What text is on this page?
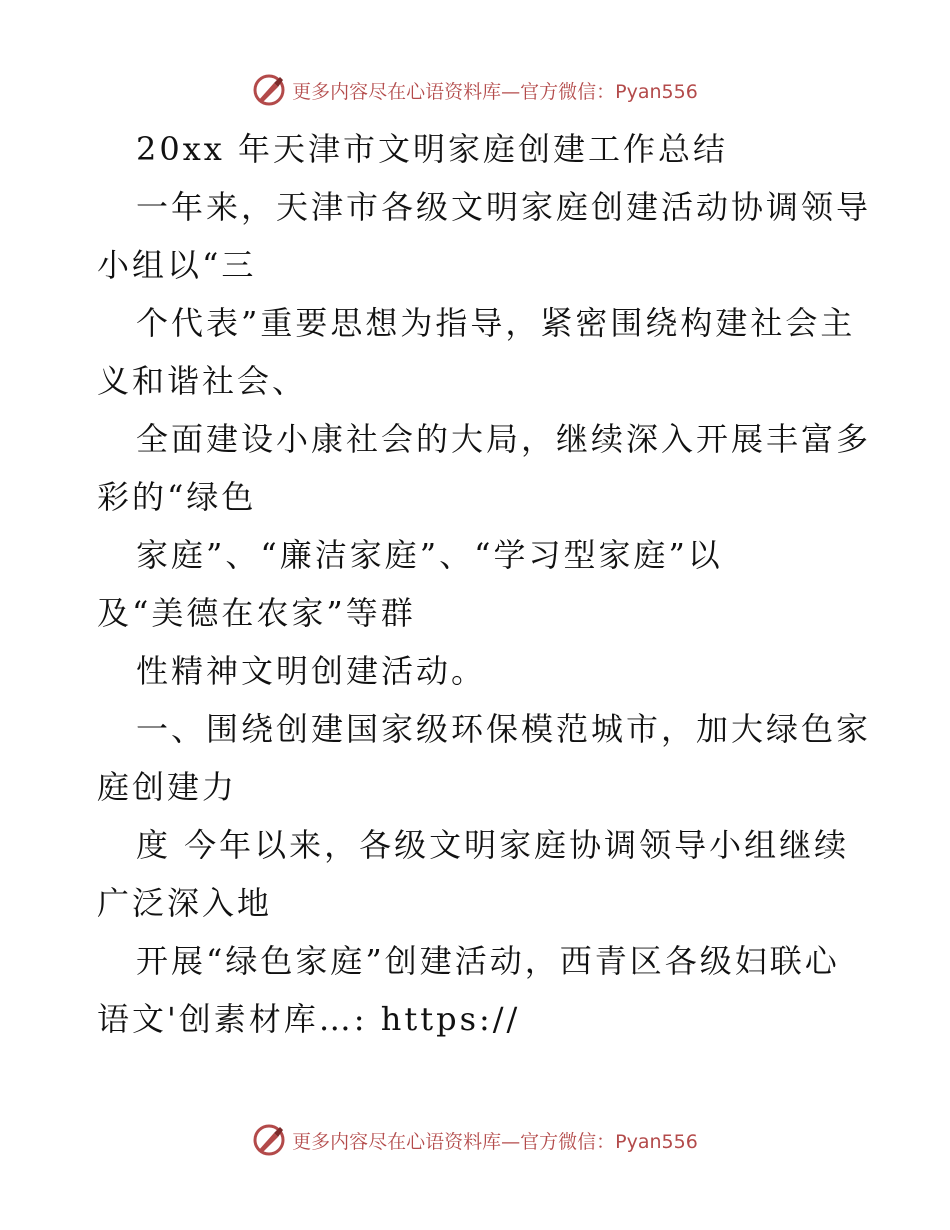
更多内容尽在心语资料库—官方微信：Pyan556
20xx 年天津市文明家庭创建工作总结
一年来，天津市各级文明家庭创建活动协调领导
小组以“三
个代表”重要思想为指导，紧密围绕构建社会主
义和谐社会、
全面建设小康社会的大局，继续深入开展丰富多
彩的“绿色
家庭”、“廉洁家庭”、“学习型家庭”以
及“美德在农家”等群
性精神文明创建活动。
一、围绕创建国家级环保模范城市，加大绿色家
庭创建力
度 今年以来，各级文明家庭协调领导小组继续
广泛深入地
开展“绿色家庭”创建活动，西青区各级妇联心
语文'创素材库…: https://
更多内容尽在心语资料库—官方微信：Pyan556
